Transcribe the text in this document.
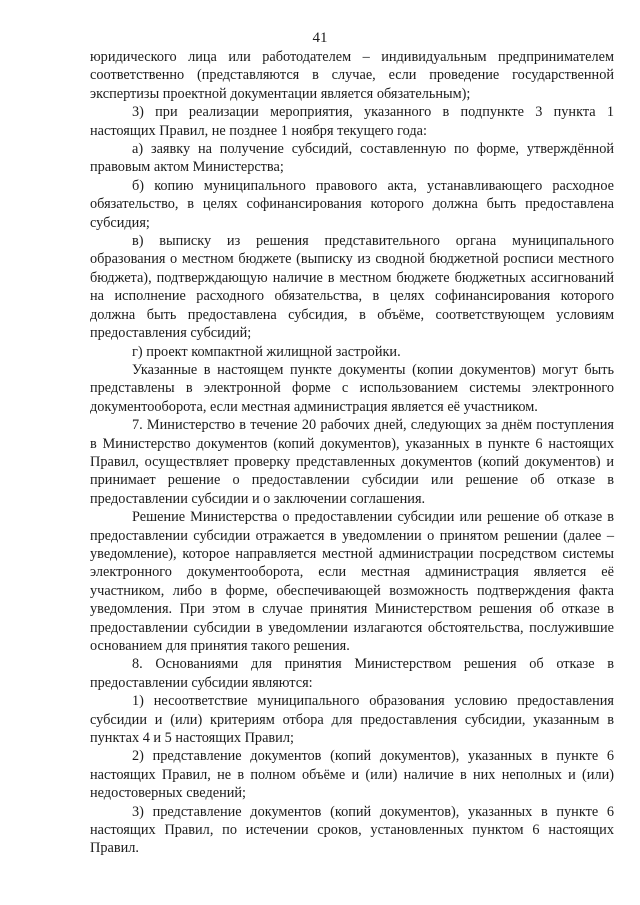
41

юридического лица или работодателем – индивидуальным предпринимателем соответственно (представляются в случае, если проведение государственной экспертизы проектной документации является обязательным);

3) при реализации мероприятия, указанного в подпункте 3 пункта 1 настоящих Правил, не позднее 1 ноября текущего года:

а) заявку на получение субсидий, составленную по форме, утверждённой правовым актом Министерства;

б) копию муниципального правового акта, устанавливающего расходное обязательство, в целях софинансирования которого должна быть предоставлена субсидия;

в) выписку из решения представительного органа муниципального образования о местном бюджете (выписку из сводной бюджетной росписи местного бюджета), подтверждающую наличие в местном бюджете бюджетных ассигнований на исполнение расходного обязательства, в целях софинансирования которого должна быть предоставлена субсидия, в объёме, соответствующем условиям предоставления субсидий;

г) проект компактной жилищной застройки.

Указанные в настоящем пункте документы (копии документов) могут быть представлены в электронной форме с использованием системы электронного документооборота, если местная администрация является её участником.

7. Министерство в течение 20 рабочих дней, следующих за днём поступления в Министерство документов (копий документов), указанных в пункте 6 настоящих Правил, осуществляет проверку представленных документов (копий документов) и принимает решение о предоставлении субсидии или решение об отказе в предоставлении субсидии и о заключении соглашения.

Решение Министерства о предоставлении субсидии или решение об отказе в предоставлении субсидии отражается в уведомлении о принятом решении (далее – уведомление), которое направляется местной администрации посредством системы электронного документооборота, если местная администрация является её участником, либо в форме, обеспечивающей возможность подтверждения факта уведомления. При этом в случае принятия Министерством решения об отказе в предоставлении субсидии в уведомлении излагаются обстоятельства, послужившие основанием для принятия такого решения.

8. Основаниями для принятия Министерством решения об отказе в предоставлении субсидии являются:

1) несоответствие муниципального образования условию предоставления субсидии и (или) критериям отбора для предоставления субсидии, указанным в пунктах 4 и 5 настоящих Правил;

2) представление документов (копий документов), указанных в пункте 6 настоящих Правил, не в полном объёме и (или) наличие в них неполных и (или) недостоверных сведений;

3) представление документов (копий документов), указанных в пункте 6 настоящих Правил, по истечении сроков, установленных пунктом 6 настоящих Правил.
